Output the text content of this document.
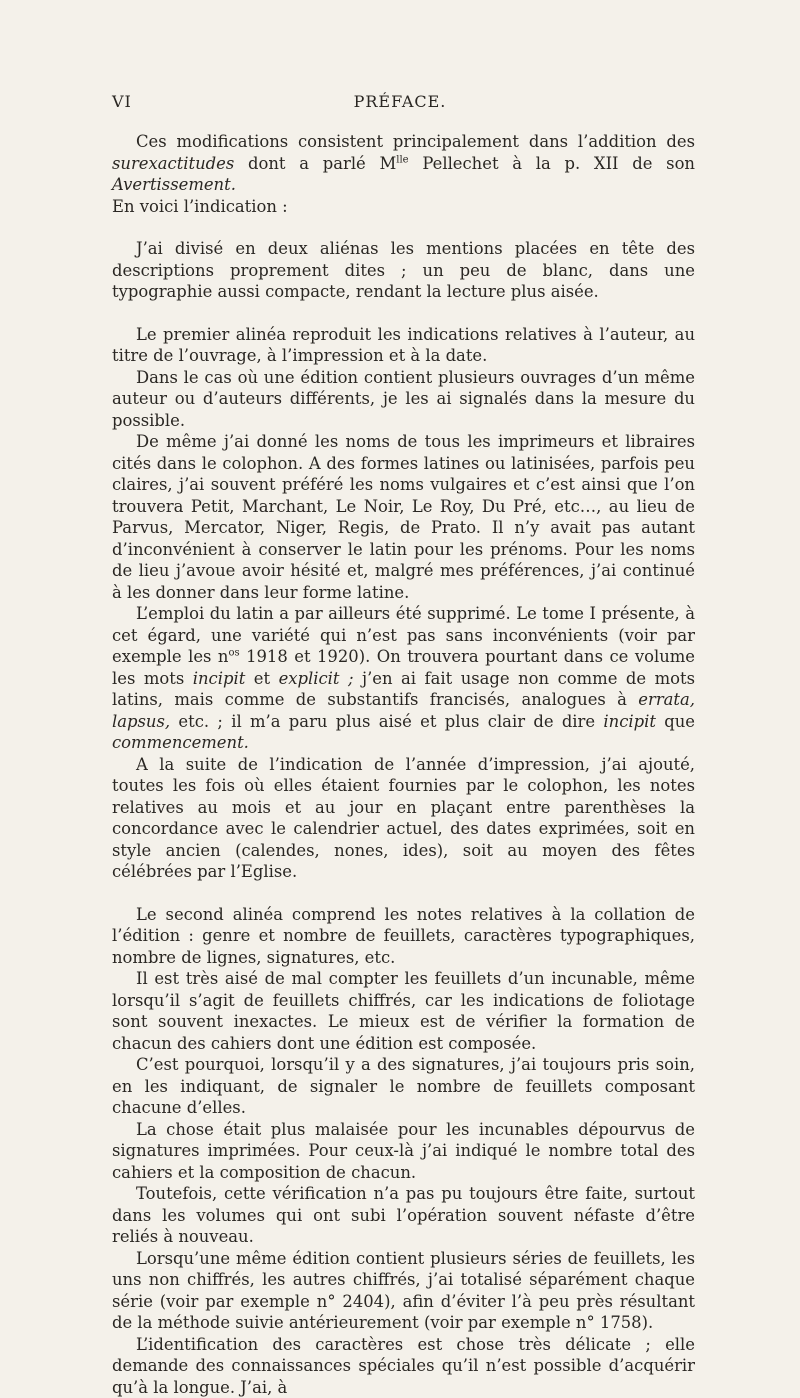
VI	PRÉFACE.

Ces modifications consistent principalement dans l’addition des surexactitudes dont a parlé $M^{lle}$ Pellechet à la p. XII de son Avertissement.

En voici l’indication :

J’ai divisé en deux aliénas les mentions placées en tête des descriptions proprement dites ; un peu de blanc, dans une typographie aussi compacte, rendant la lecture plus aisée.

Le premier alinéa reproduit les indications relatives à l’auteur, au titre de l’ouvrage, à l’impression et à la date.

Dans le cas où une édition contient plusieurs ouvrages d’un même auteur ou d’auteurs différents, je les ai signalés dans la mesure du possible.

De même j’ai donné les noms de tous les imprimeurs et libraires cités dans le colophon. A des formes latines ou latinisées, parfois peu claires, j’ai souvent préféré les noms vulgaires et c’est ainsi que l’on trouvera Petit, Marchant, Le Noir, Le Roy, Du Pré, etc…, au lieu de Parvus, Mercator, Niger, Regis, de Prato. Il n’y avait pas autant d’inconvénient à conserver le latin pour les prénoms. Pour les noms de lieu j’avoue avoir hésité et, malgré mes préférences, j’ai continué à les donner dans leur forme latine.

L’emploi du latin a par ailleurs été supprimé. Le tome I présente, à cet égard, une variété qui n’est pas sans inconvénients (voir par exemple les $n^{os}$ 1918 et 1920). On trouvera pourtant dans ce volume les mots incipit et explicit ; j’en ai fait usage non comme de mots latins, mais comme de substantifs francisés, analogues à errata, lapsus, etc. ; il m’a paru plus aisé et plus clair de dire incipit que commencement.

A la suite de l’indication de l’année d’impression, j’ai ajouté, toutes les fois où elles étaient fournies par le colophon, les notes relatives au mois et au jour en plaçant entre parenthèses la concordance avec le calendrier actuel, des dates exprimées, soit en style ancien (calendes, nones, ides), soit au moyen des fêtes célébrées par l’Eglise.

Le second alinéa comprend les notes relatives à la collation de l’édition : genre et nombre de feuillets, caractères typographiques, nombre de lignes, signatures, etc.

Il est très aisé de mal compter les feuillets d’un incunable, même lorsqu’il s’agit de feuillets chiffrés, car les indications de foliotage sont souvent inexactes. Le mieux est de vérifier la formation de chacun des cahiers dont une édition est composée.

C’est pourquoi, lorsqu’il y a des signatures, j’ai toujours pris soin, en les indiquant, de signaler le nombre de feuillets composant chacune d’elles.

La chose était plus malaisée pour les incunables dépourvus de signatures imprimées. Pour ceux-là j’ai indiqué le nombre total des cahiers et la composition de chacun.

Toutefois, cette vérification n’a pas pu toujours être faite, surtout dans les volumes qui ont subi l’opération souvent néfaste d’être reliés à nouveau.

Lorsqu’une même édition contient plusieurs séries de feuillets, les uns non chiffrés, les autres chiffrés, j’ai totalisé séparément chaque série (voir par exemple n° 2404), afin d’éviter l’à peu près résultant de la méthode suivie antérieurement (voir par exemple n° 1758).

L’identification des caractères est chose très délicate ; elle demande des connaissances spéciales qu’il n’est possible d’acquérir qu’à la longue. J’ai, à
